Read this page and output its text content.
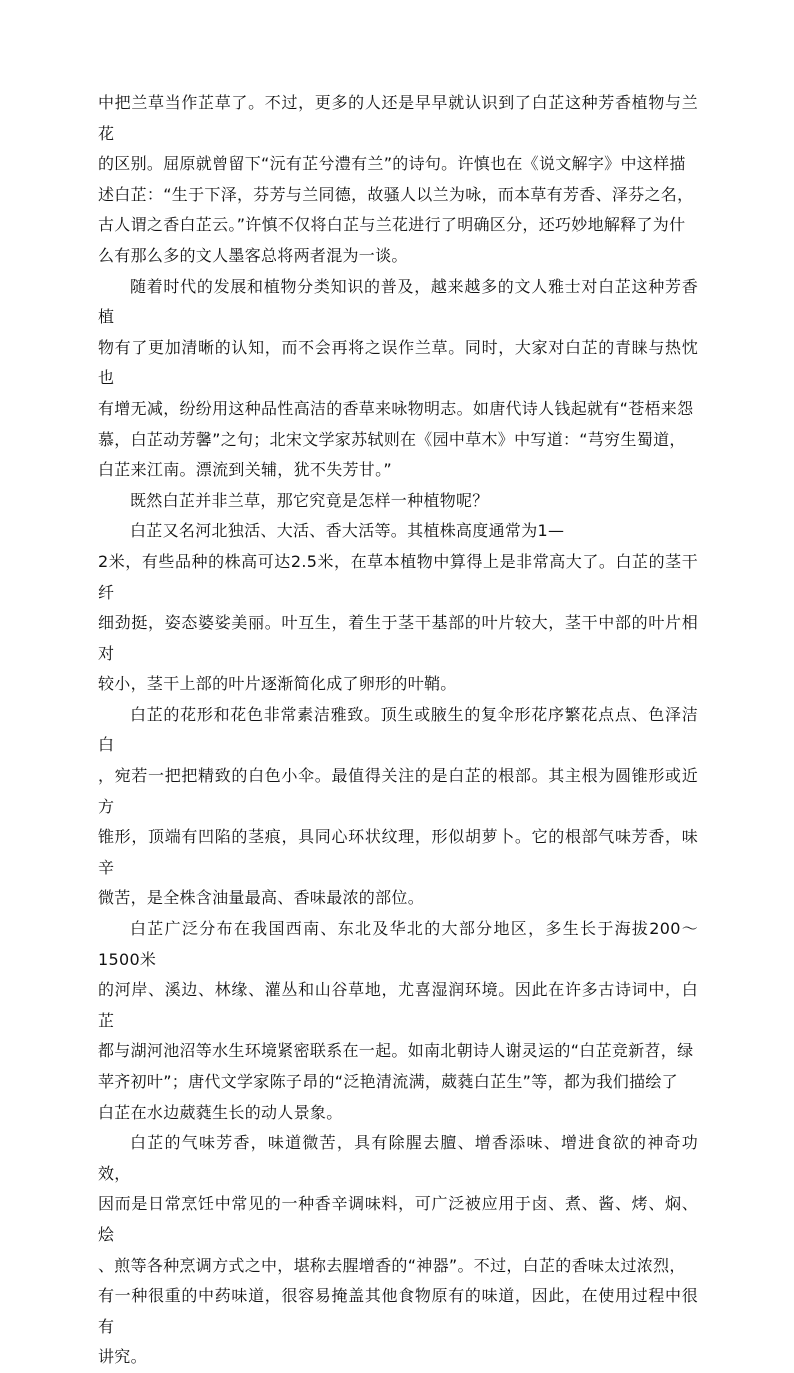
中把兰草当作芷草了。不过，更多的人还是早早就认识到了白芷这种芳香植物与兰花
的区别。屈原就曾留下“沅有芷兮澧有兰”的诗句。许慎也在《说文解字》中这样描
述白芷：“生于下泽，芬芳与兰同德，故骚人以兰为咏，而本草有芳香、泽芬之名，
古人谓之香白芷云。”许慎不仅将白芷与兰花进行了明确区分，还巧妙地解释了为什
么有那么多的文人墨客总将两者混为一谈。

随着时代的发展和植物分类知识的普及，越来越多的文人雅士对白芷这种芳香植
物有了更加清晰的认知，而不会再将之误作兰草。同时，大家对白芷的青睐与热忱也
有增无减，纷纷用这种品性高洁的香草来咏物明志。如唐代诗人钱起就有“苍梧来怨
慕，白芷动芳馨”之句；北宋文学家苏轼则在《园中草木》中写道：“芎穷生蜀道，
白芷来江南。漂流到关辅，犹不失芳甘。”

既然白芷并非兰草，那它究竟是怎样一种植物呢？

白芷又名河北独活、大活、香大活等。其植株高度通常为1—
2米，有些品种的株高可达2.5米，在草本植物中算得上是非常高大了。白芷的茎干纤
细劲挺，姿态婆娑美丽。叶互生，着生于茎干基部的叶片较大，茎干中部的叶片相对
较小，茎干上部的叶片逐渐简化成了卵形的叶鞘。

白芷的花形和花色非常素洁雅致。顶生或腋生的复伞形花序繁花点点、色泽洁白
，宛若一把把精致的白色小伞。最值得关注的是白芷的根部。其主根为圆锥形或近方
锥形，顶端有凹陷的茎痕，具同心环状纹理，形似胡萝卜。它的根部气味芳香，味辛
微苦，是全株含油量最高、香味最浓的部位。

白芷广泛分布在我国西南、东北及华北的大部分地区，多生长于海拔200～1500米
的河岸、溪边、林缘、灌丛和山谷草地，尤喜湿润环境。因此在许多古诗词中，白芷
都与湖河池沼等水生环境紧密联系在一起。如南北朝诗人谢灵运的“白芷竞新苕，绿
苹齐初叶”；唐代文学家陈子昂的“泛艳清流满，葳蕤白芷生”等，都为我们描绘了
白芷在水边葳蕤生长的动人景象。

白芷的气味芳香，味道微苦，具有除腥去膻、增香添味、增进食欲的神奇功效，
因而是日常烹饪中常见的一种香辛调味料，可广泛被应用于卤、煮、酱、烤、焖、烩
、煎等各种烹调方式之中，堪称去腥增香的“神器”。不过，白芷的香味太过浓烈，
有一种很重的中药味道，很容易掩盖其他食物原有的味道，因此，在使用过程中很有
讲究。
